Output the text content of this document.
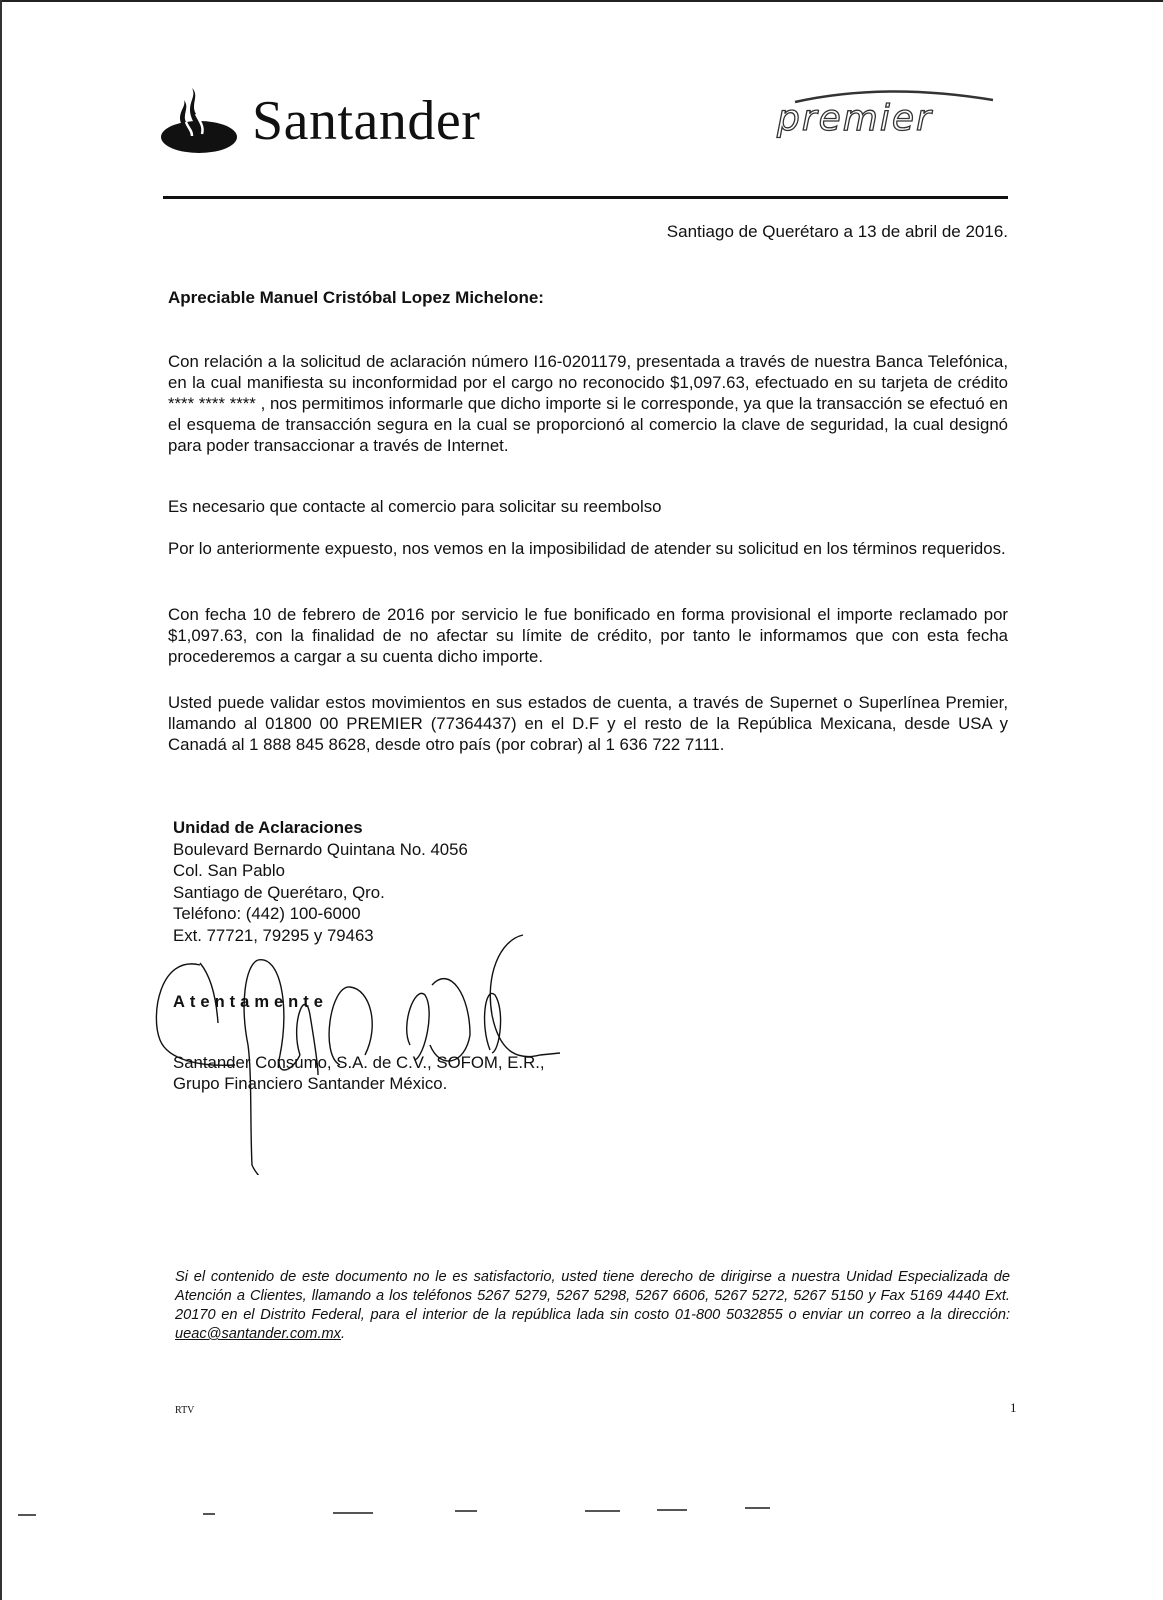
Santander	premier
Santiago de Querétaro a 13 de abril de 2016.
Apreciable Manuel Cristóbal Lopez Michelone:
Con relación a la solicitud de aclaración número I16-0201179, presentada a través de nuestra Banca Telefónica, en la cual manifiesta su inconformidad por el cargo no reconocido $1,097.63, efectuado en su tarjeta de crédito **** **** **** , nos permitimos informarle que dicho importe si le corresponde, ya que la transacción se efectuó en el esquema de transacción segura en la cual se proporcionó al comercio la clave de seguridad, la cual designó para poder transaccionar a través de Internet.
Es necesario que contacte al comercio para solicitar su reembolso
Por lo anteriormente expuesto, nos vemos en la imposibilidad de atender su solicitud en los términos requeridos.
Con fecha 10 de febrero de 2016 por servicio le fue bonificado en forma provisional el importe reclamado por $1,097.63, con la finalidad de no afectar su límite de crédito, por tanto le informamos que con esta fecha procederemos a cargar a su cuenta dicho importe.
Usted puede validar estos movimientos en sus estados de cuenta, a través de Supernet o Superlínea Premier, llamando al 01800 00 PREMIER (77364437) en el D.F y el resto de la República Mexicana, desde USA y Canadá al 1 888 845 8628, desde otro país (por cobrar) al 1 636 722 7111.
Unidad de Aclaraciones
Boulevard Bernardo Quintana No. 4056
Col. San Pablo
Santiago de Querétaro, Qro.
Teléfono: (442) 100-6000
Ext. 77721, 79295 y 79463
Atentamente
Santander Consumo, S.A. de C.V., SOFOM, E.R.,
Grupo Financiero Santander México.
Si el contenido de este documento no le es satisfactorio, usted tiene derecho de dirigirse a nuestra Unidad Especializada de Atención a Clientes, llamando a los teléfonos 5267 5279, 5267 5298, 5267 6606, 5267 5272, 5267 5150 y Fax 5169 4440 Ext. 20170 en el Distrito Federal, para el interior de la república lada sin costo 01-800 5032855 o enviar un correo a la dirección: ueac@santander.com.mx.
RTV	1
